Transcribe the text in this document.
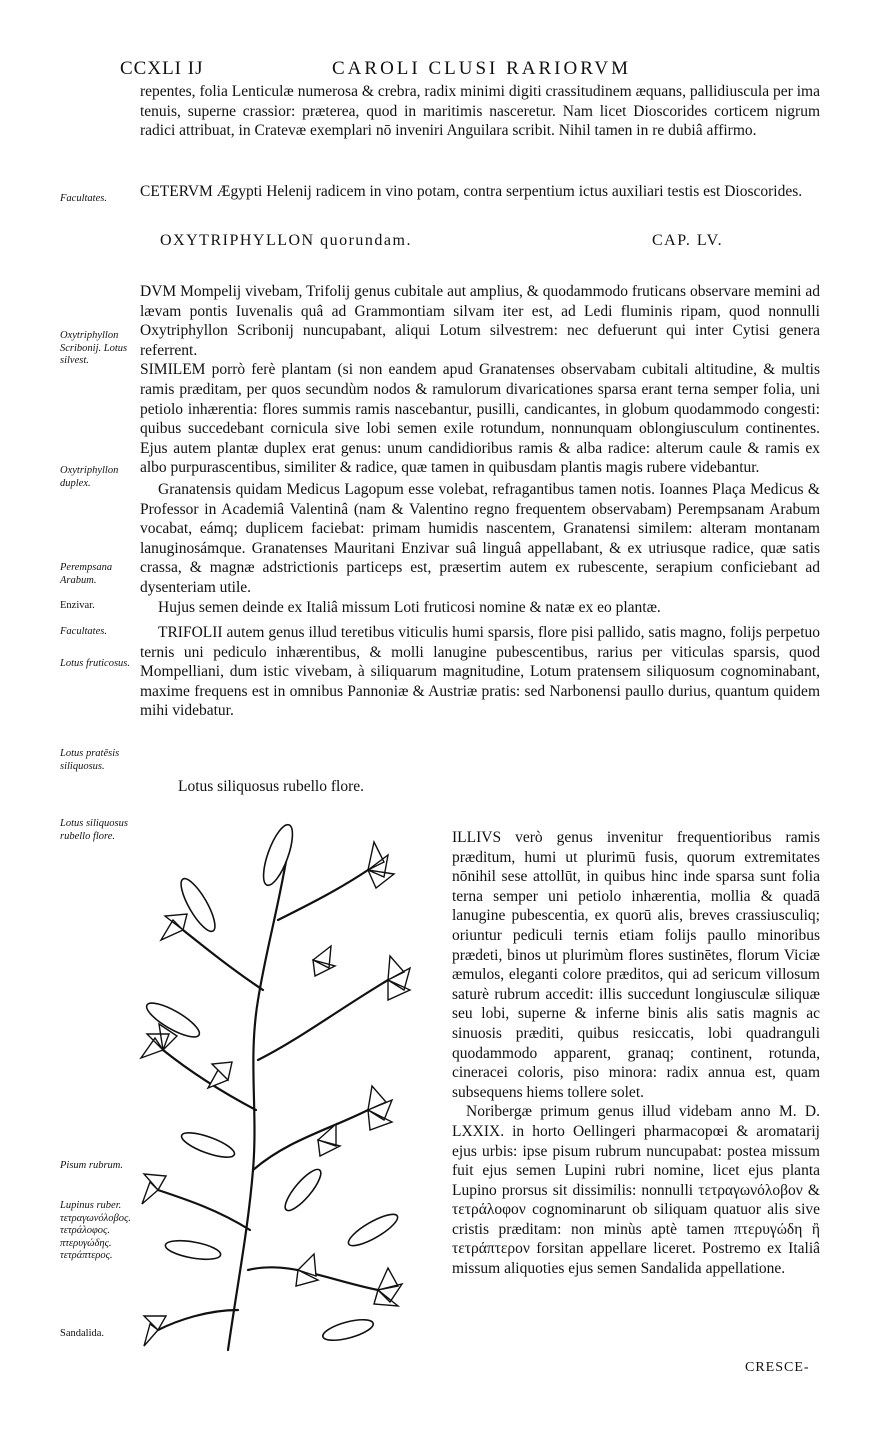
CCXLI IJ	CAROLI CLUSI RARIORVM

repentes, folia Lenticulæ numerosa & crebra, radix minimi digiti crassitudinem æquans, pallidiuscula per ima tenuis, superne crassior: præterea, quod in maritimis nasceretur. Nam licet Dioscorides corticem nigrum radici attribuat, in Cratevæ exemplari nō inveniri Anguilara scribit. Nihil tamen in re dubiâ affirmo.

CETERVM Ægypti Helenij radicem in vino potam, contra serpentium ictus auxiliari testis est Dioscorides.

OXYTRIPHYLLON quorundam.	CAP. LV.

DVM Mompelij vivebam, Trifolij genus cubitale aut amplius, & quodammodo fruticans observare memini ad lævam pontis Iuvenalis quâ ad Grammontiam silvam iter est, ad Ledi fluminis ripam, quod nonnulli Oxytriphyllon Scribonij nuncupabant, aliqui Lotum silvestrem: nec defuerunt qui inter Cytisi genera referrent.

SIMILEM porrò ferè plantam (si non eandem apud Granatenses observabam cubitali altitudine, & multis ramis præditam, per quos secundùm nodos & ramulorum divaricationes sparsa erant terna semper folia, uni petiolo inhærentia: flores summis ramis nascebantur, pusilli, candicantes, in globum quodammodo congesti: quibus succedebant cornicula sive lobi semen exile rotundum, nonnunquam oblongiusculum continentes. Ejus autem plantæ duplex erat genus: unum candidioribus ramis & alba radice: alterum caule & ramis ex albo purpurascentibus, similiter & radice, quæ tamen in quibusdam plantis magis rubere videbantur.

Granatensis quidam Medicus Lagopum esse volebat, refragantibus tamen notis. Ioannes Plaça Medicus & Professor in Academiâ Valentinâ (nam & Valentino regno frequentem observabam) Perempsanam Arabum vocabat, eámq; duplicem faciebat: primam humidis nascentem, Granatensi similem: alteram montanam lanuginosámque. Granatenses Mauritani Enzivar suâ linguâ appellabant, & ex utriusque radice, quæ satis crassa, & magnæ adstrictionis particeps est, præsertim autem ex rubescente, serapium conficiebant ad dysenteriam utile.

Hujus semen deinde ex Italiâ missum Loti fruticosi nomine & natæ ex eo plantæ.

TRIFOLII autem genus illud teretibus viticulis humi sparsis, flore pisi pallido, satis magno, folijs perpetuo ternis uni pediculo inhærentibus, & molli lanugine pubescentibus, rarius per viticulas sparsis, quod Mompelliani, dum istic vivebam, à siliquarum magnitudine, Lotum pratensem siliquosum cognominabant, maxime frequens est in omnibus Pannoniæ & Austriæ pratis: sed Narbonensi paullo durius, quantum quidem mihi videbatur.

Lotus siliquosus rubello flore.

ILLIVS verò genus invenitur frequentioribus ramis præditum, humi ut plurimū fusis, quorum extremitates nōnihil sese attollūt, in quibus hinc inde sparsa sunt folia terna semper uni petiolo inhærentia, mollia & quadā lanugine pubescentia, ex quorū alis, breves crassiusculiq; oriuntur pediculi ternis etiam folijs paullo minoribus prædeti, binos ut plurimùm flores sustinētes, florum Viciæ æmulos, eleganti colore præditos, qui ad sericum villosum saturè rubrum accedit: illis succedunt longiusculæ siliquæ seu lobi, superne & inferne binis alis satis magnis ac sinuosis præditi, quibus resiccatis, lobi quadranguli quodammodo apparent, granaq; continent, rotunda, cineracei coloris, piso minora: radix annua est, quam subsequens hiems tollere solet.

Noribergæ primum genus illud videbam anno M. D. LXXIX. in horto Oellingeri pharmacopœi & aromatarij ejus urbis: ipse pisum rubrum nuncupabat: postea missum fuit ejus semen Lupini rubri nomine, licet ejus planta Lupino prorsus sit dissimilis: nonnulli τετραγωνόλοβον & τετράλοφον cognominarunt ob siliquam quatuor alis sive cristis præditam: non minùs aptè tamen πτερυγώδη ἢ τετράπτερον forsitan appellare liceret. Postremo ex Italiâ missum aliquoties ejus semen Sandalida appellatione.

Facultates.
Oxytriphyllon Scribonij. Lotus silvest.
Oxytriphyllon duplex.
Perempsana Arabum.
Enzivar.
Facultates.
Lotus fruticosus.
Lotus pratēsis siliquosus.
Lotus siliquosus rubello flore.
Pisum rubrum.
Lupinus ruber. τετραγωνόλοβος. τετράλοφος. πτερυγώδης. τετράπτερος.
Sandalida.
CRESCE-
